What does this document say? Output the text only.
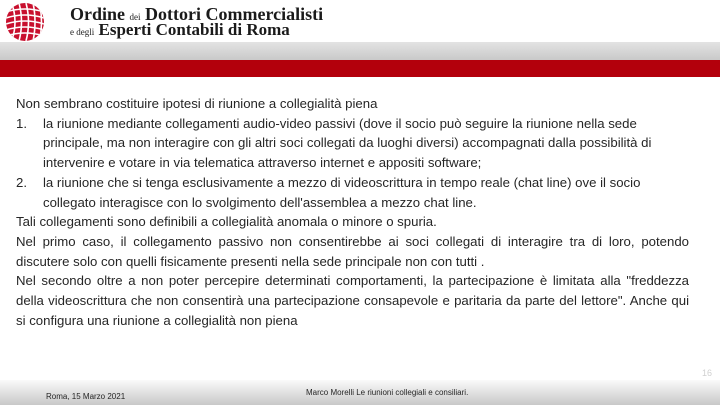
Ordine dei Dottori Commercialisti
e degli Esperti Contabili di Roma

Non sembrano costituire ipotesi di riunione a collegialità piena

1.	la riunione mediante collegamenti audio-video passivi (dove il socio può seguire la riunione nella sede principale, ma non interagire con gli altri soci collegati da luoghi diversi) accompagnati dalla possibilità di intervenire e votare in via telematica attraverso internet e appositi software;
2.	la riunione che si tenga esclusivamente a mezzo di videoscrittura in tempo reale (chat line) ove il socio collegato interagisce con lo svolgimento dell'assemblea a mezzo chat line.

Tali collegamenti sono definibili a collegialità anomala o minore o spuria.

Nel primo caso, il collegamento passivo non consentirebbe ai soci collegati di interagire tra di loro, potendo discutere solo con quelli fisicamente presenti nella sede principale non con tutti .

Nel secondo oltre a non poter percepire determinati comportamenti, la partecipazione è limitata alla "freddezza della videoscrittura che non consentirà una partecipazione consapevole e paritaria da parte del lettore". Anche qui si configura una riunione a collegialità non piena

16
Roma, 15 Marzo 2021	Marco Morelli Le riunioni collegiali e consiliari.
